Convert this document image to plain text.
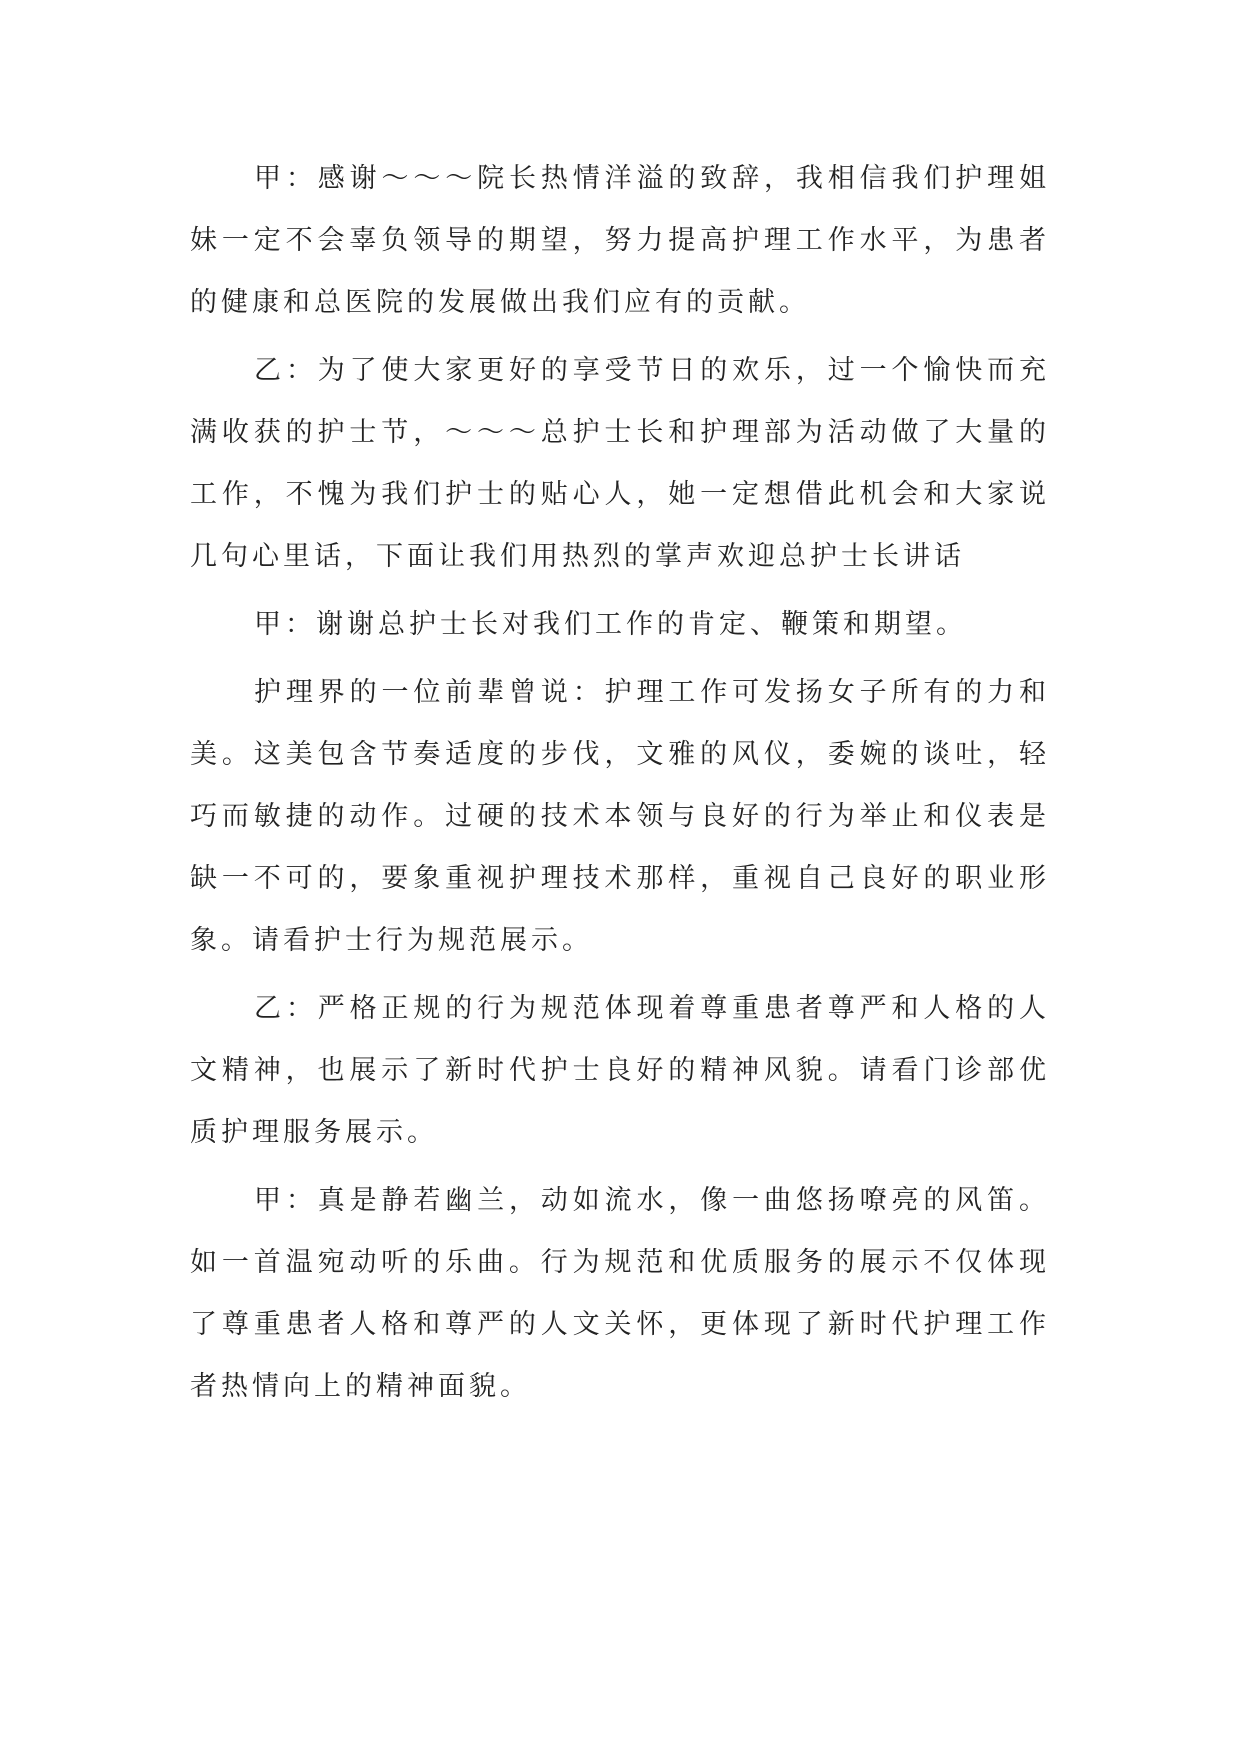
甲：感谢～～～院长热情洋溢的致辞，我相信我们护理姐妹一定不会辜负领导的期望，努力提高护理工作水平，为患者的健康和总医院的发展做出我们应有的贡献。

乙：为了使大家更好的享受节日的欢乐，过一个愉快而充满收获的护士节，～～～总护士长和护理部为活动做了大量的工作，不愧为我们护士的贴心人，她一定想借此机会和大家说几句心里话，下面让我们用热烈的掌声欢迎总护士长讲话

甲：谢谢总护士长对我们工作的肯定、鞭策和期望。

护理界的一位前辈曾说：护理工作可发扬女子所有的力和美。这美包含节奏适度的步伐，文雅的风仪，委婉的谈吐，轻巧而敏捷的动作。过硬的技术本领与良好的行为举止和仪表是缺一不可的，要象重视护理技术那样，重视自己良好的职业形象。请看护士行为规范展示。

乙：严格正规的行为规范体现着尊重患者尊严和人格的人文精神，也展示了新时代护士良好的精神风貌。请看门诊部优质护理服务展示。

甲：真是静若幽兰，动如流水，像一曲悠扬嘹亮的风笛。如一首温宛动听的乐曲。行为规范和优质服务的展示不仅体现了尊重患者人格和尊严的人文关怀，更体现了新时代护理工作者热情向上的精神面貌。
